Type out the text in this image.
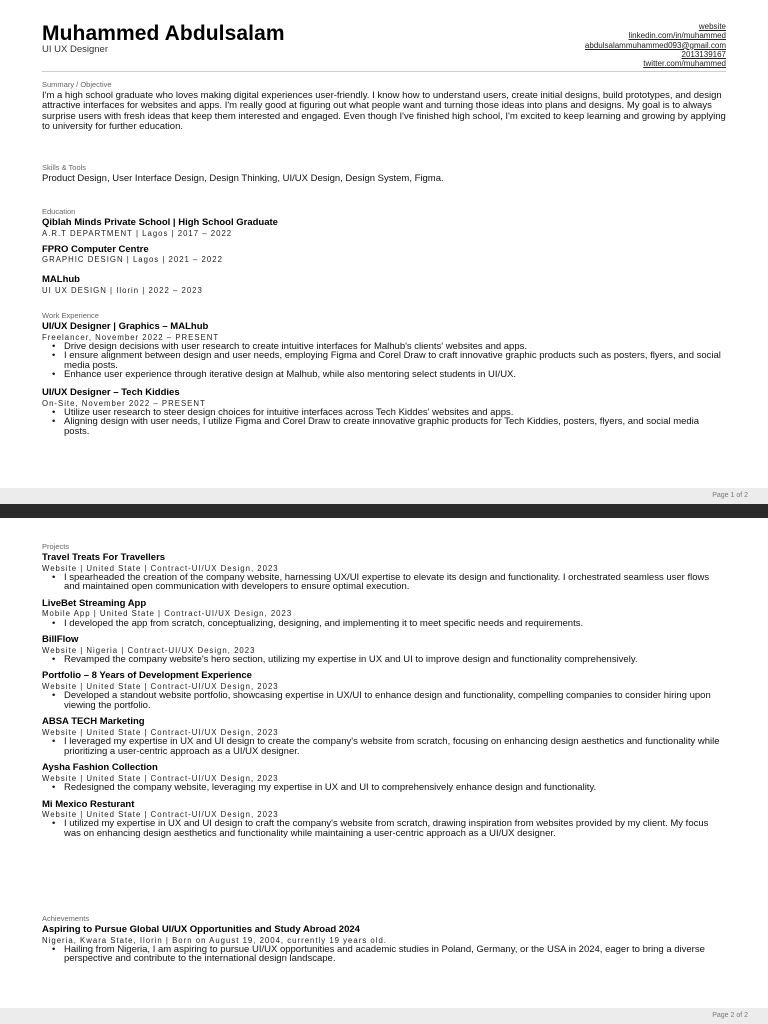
Muhammed Abdulsalam
UI UX Designer
website
linkedin.com/in/muhammed
abdulsalammuhammed093@gmail.com
2013139167
twitter.com/muhammed
Summary / Objective
I'm a high school graduate who loves making digital experiences user-friendly. I know how to understand users, create initial designs, build prototypes, and design attractive interfaces for websites and apps. I'm really good at figuring out what people want and turning those ideas into plans and designs. My goal is to always surprise users with fresh ideas that keep them interested and engaged. Even though I've finished high school, I'm excited to keep learning and growing by applying to university for further education.
Skills & Tools
Product Design, User Interface Design, Design Thinking, UI/UX Design, Design System, Figma.
Education
Qiblah Minds Private School | High School Graduate
A.R.T DEPARTMENT | Lagos | 2017 – 2022
FPRO Computer Centre
GRAPHIC DESIGN | Lagos | 2021 – 2022
MALhub
UI UX DESIGN | Ilorin | 2022 – 2023
Work Experience
UI/UX Designer | Graphics – MALhub
Freelancer, November 2022 – PRESENT
• Drive design decisions with user research to create intuitive interfaces for Malhub's clients' websites and apps.
• I ensure alignment between design and user needs, employing Figma and Corel Draw to craft innovative graphic products such as posters, flyers, and social media posts.
• Enhance user experience through iterative design at Malhub, while also mentoring select students in UI/UX.
UI/UX Designer – Tech Kiddies
On-Site, November 2022 – PRESENT
• Utilize user research to steer design choices for intuitive interfaces across Tech Kiddes' websites and apps.
• Aligning design with user needs, I utilize Figma and Corel Draw to create innovative graphic products for Tech Kiddies, posters, flyers, and social media posts.
Page 1 of 2
Projects
Travel Treats For Travellers
Website | United State | Contract-UI/UX Design, 2023
• I spearheaded the creation of the company website, harnessing UX/UI expertise to elevate its design and functionality. I orchestrated seamless user flows and maintained open communication with developers to ensure optimal execution.
LiveBet Streaming App
Mobile App | United State | Contract-UI/UX Design, 2023
• I developed the app from scratch, conceptualizing, designing, and implementing it to meet specific needs and requirements.
BillFlow
Website | Nigeria | Contract-UI/UX Design, 2023
• Revamped the company website's hero section, utilizing my expertise in UX and UI to improve design and functionality comprehensively.
Portfolio – 8 Years of Development Experience
Website | United State | Contract-UI/UX Design, 2023
• Developed a standout website portfolio, showcasing expertise in UX/UI to enhance design and functionality, compelling companies to consider hiring upon viewing the portfolio.
ABSA TECH Marketing
Website | United State | Contract-UI/UX Design, 2023
• I leveraged my expertise in UX and UI design to create the company's website from scratch, focusing on enhancing design aesthetics and functionality while prioritizing a user-centric approach as a UI/UX designer.
Aysha Fashion Collection
Website | United State | Contract-UI/UX Design, 2023
• Redesigned the company website, leveraging my expertise in UX and UI to comprehensively enhance design and functionality.
Mi Mexico Resturant
Website | United State | Contract-UI/UX Design, 2023
• I utilized my expertise in UX and UI design to craft the company's website from scratch, drawing inspiration from websites provided by my client. My focus was on enhancing design aesthetics and functionality while maintaining a user-centric approach as a UI/UX designer.
Achievements
Aspiring to Pursue Global UI/UX Opportunities and Study Abroad 2024
Nigeria, Kwara State, Ilorin | Born on August 19, 2004, currently 19 years old.
• Hailing from Nigeria, I am aspiring to pursue UI/UX opportunities and academic studies in Poland, Germany, or the USA in 2024, eager to bring a diverse perspective and contribute to the international design landscape.
Page 2 of 2
